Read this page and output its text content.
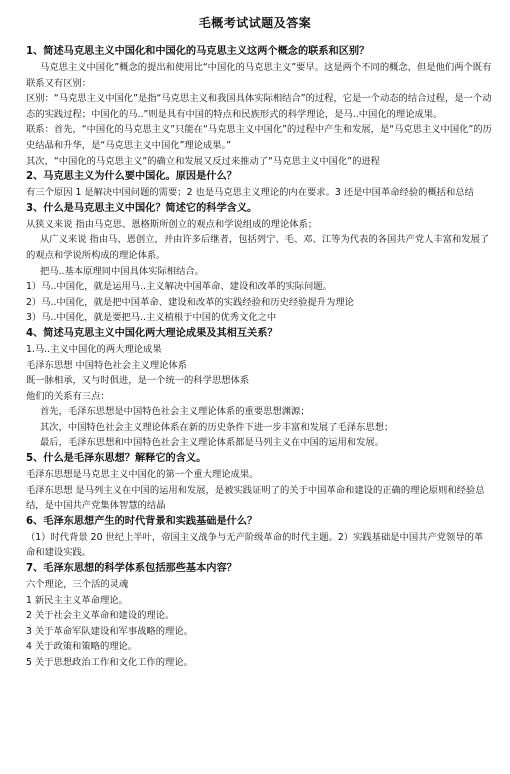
毛概考试试题及答案

1、简述马克思主义中国化和中国化的马克思主义这两个概念的联系和区别？

马克思主义中国化”概念的提出和使用比“中国化的马克思主义”要早。这是两个不同的概念，但是他们两个既有联系又有区别：

区别：“马克思主义中国化”是指“马克思主义和我国具体实际相结合”的过程，它是一个动态的结合过程，是一个动态的实践过程；中国化的马..”则是具有中国的特点和民族形式的科学理论，是马..中国化的理论成果。

联系：首先，“中国化的马克思主义”只能在“马克思主义中国化”的过程中产生和发展，是“马克思主义中国化”的历史结晶和升华，是“马克思主义中国化”理论成果。”

其次，“中国化的马克思主义”的确立和发展又反过来推动了“马克思主义中国化”的进程

2、马克思主义为什么要中国化。原因是什么？

有三个原因 1 是解决中国问题的需要；2 也是马克思主义理论的内在要求。3 还是中国革命经验的概括和总结

3、什么是马克思主义中国化？简述它的科学含义。

从狭义来说 指由马克思、恩格斯所创立的观点和学说组成的理论体系；

从广义来说 指由马、恩创立，并由许多后继者，包括列宁、毛、邓、江等为代表的各国共产党人丰富和发展了的观点和学说所构成的理论体系。

把马..基本原理同中国具体实际相结合。

1）马..中国化，就是运用马..主义解决中国革命、建设和改革的实际问题。

2）马..中国化，就是把中国革命、建设和改革的实践经验和历史经验提升为理论

3）马..中国化，就是要把马..主义植根于中国的优秀文化之中

4、简述马克思主义中国化两大理论成果及其相互关系？

1.马..主义中国化的两大理论成果

毛泽东思想 中国特色社会主义理论体系

既一脉相承，又与时俱进，是一个统一的科学思想体系

他们的关系有三点：

首先，毛泽东思想是中国特色社会主义理论体系的重要思想渊源；

其次，中国特色社会主义理论体系在新的历史条件下进一步丰富和发展了毛泽东思想；

最后，毛泽东思想和中国特色社会主义理论体系都是马列主义在中国的运用和发展。

5、什么是毛泽东思想？解释它的含义。

毛泽东思想是马克思主义中国化的第一个重大理论成果。

毛泽东思想 是马列主义在中国的运用和发展，是被实践证明了的关于中国革命和建设的正确的理论原则和经验总结，是中国共产党集体智慧的结晶

6、毛泽东思想产生的时代背景和实践基础是什么？

（1）时代背景 20 世纪上半叶，帝国主义战争与无产阶级革命的时代主题。2）实践基础是中国共产党领导的革命和建设实践。

7、毛泽东思想的科学体系包括那些基本内容？

六个理论，三个活的灵魂

1 新民主主义革命理论。

2 关于社会主义革命和建设的理论。

3 关于革命军队建设和军事战略的理论。

4 关于政策和策略的理论。

5 关于思想政治工作和文化工作的理论。
